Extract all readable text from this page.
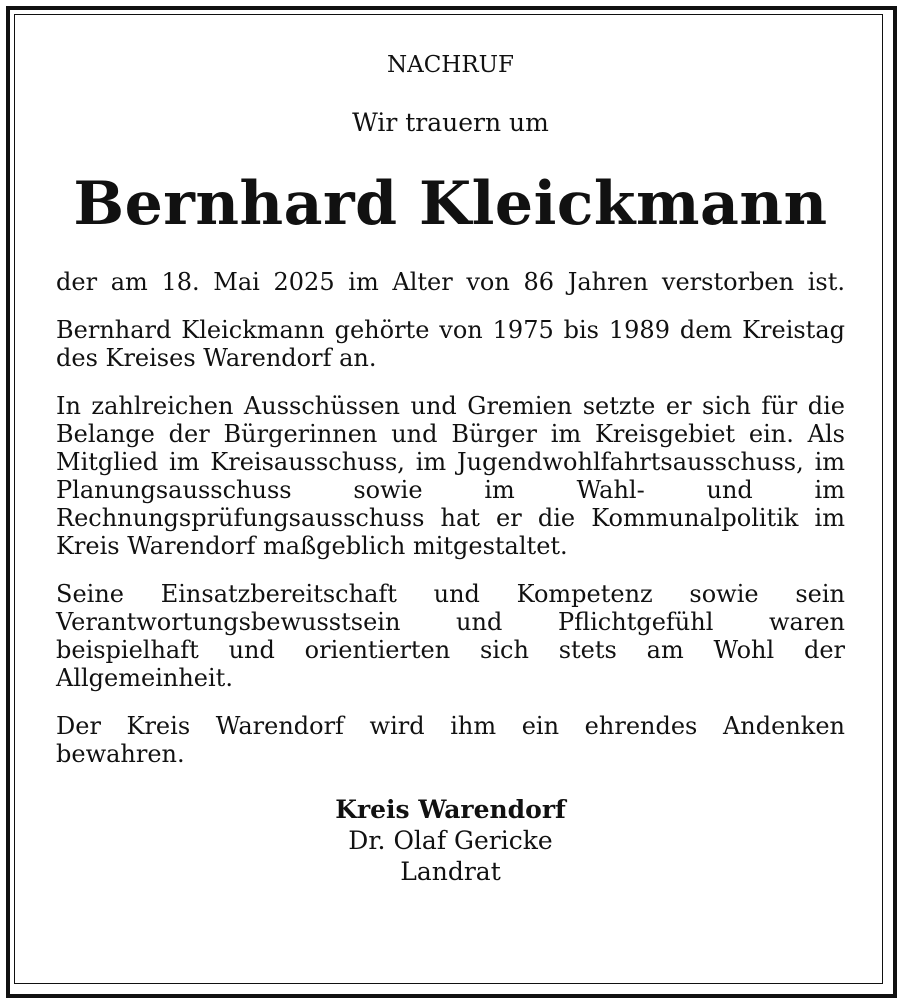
NACHRUF

Wir trauern um

Bernhard Kleickmann

der am 18. Mai 2025 im Alter von 86 Jahren verstorben ist.

Bernhard Kleickmann gehörte von 1975 bis 1989 dem Kreistag des Kreises Warendorf an.

In zahlreichen Ausschüssen und Gremien setzte er sich für die Belange der Bürgerinnen und Bürger im Kreisgebiet ein. Als Mitglied im Kreisausschuss, im Jugendwohlfahrtsausschuss, im Planungsausschuss sowie im Wahl- und im Rechnungsprüfungsausschuss hat er die Kommunalpolitik im Kreis Warendorf maßgeblich mitgestaltet.

Seine Einsatzbereitschaft und Kompetenz sowie sein Verantwortungsbewusstsein und Pflichtgefühl waren beispielhaft und orientierten sich stets am Wohl der Allgemeinheit.

Der Kreis Warendorf wird ihm ein ehrendes Andenken bewahren.

Kreis Warendorf
Dr. Olaf Gericke
Landrat
